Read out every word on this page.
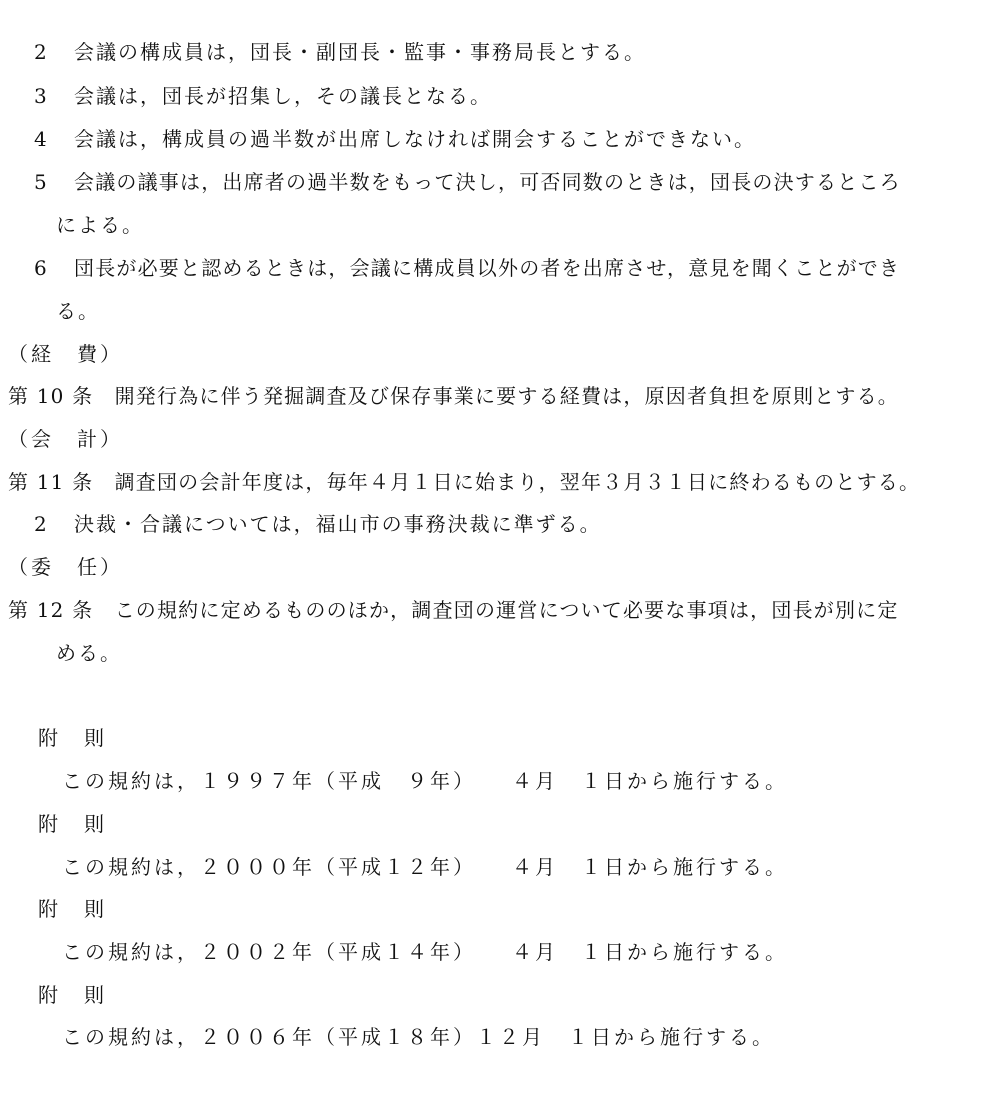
2 会議の構成員は，団長・副団長・監事・事務局長とする。
3 会議は，団長が招集し，その議長となる。
4 会議は，構成員の過半数が出席しなければ開会することができない。
5 会議の議事は，出席者の過半数をもって決し，可否同数のときは，団長の決するところ
による。
6 団長が必要と認めるときは，会議に構成員以外の者を出席させ，意見を聞くことができ
る。
（経　費）
第 10 条　開発行為に伴う発掘調査及び保存事業に要する経費は，原因者負担を原則とする。
（会　計）
第 11 条　調査団の会計年度は，毎年４月１日に始まり，翌年３月３１日に終わるものとする。
2 決裁・合議については，福山市の事務決裁に準ずる。
（委　任）
第 12 条　この規約に定めるもののほか，調査団の運営について必要な事項は，団長が別に定
める。
附　則
この規約は，１９９７年（平成　９年）　　４月　１日から施行する。
附　則
この規約は，２０００年（平成１２年）　　４月　１日から施行する。
附　則
この規約は，２００２年（平成１４年）　　４月　１日から施行する。
附　則
この規約は，２００６年（平成１８年）１２月　１日から施行する。
